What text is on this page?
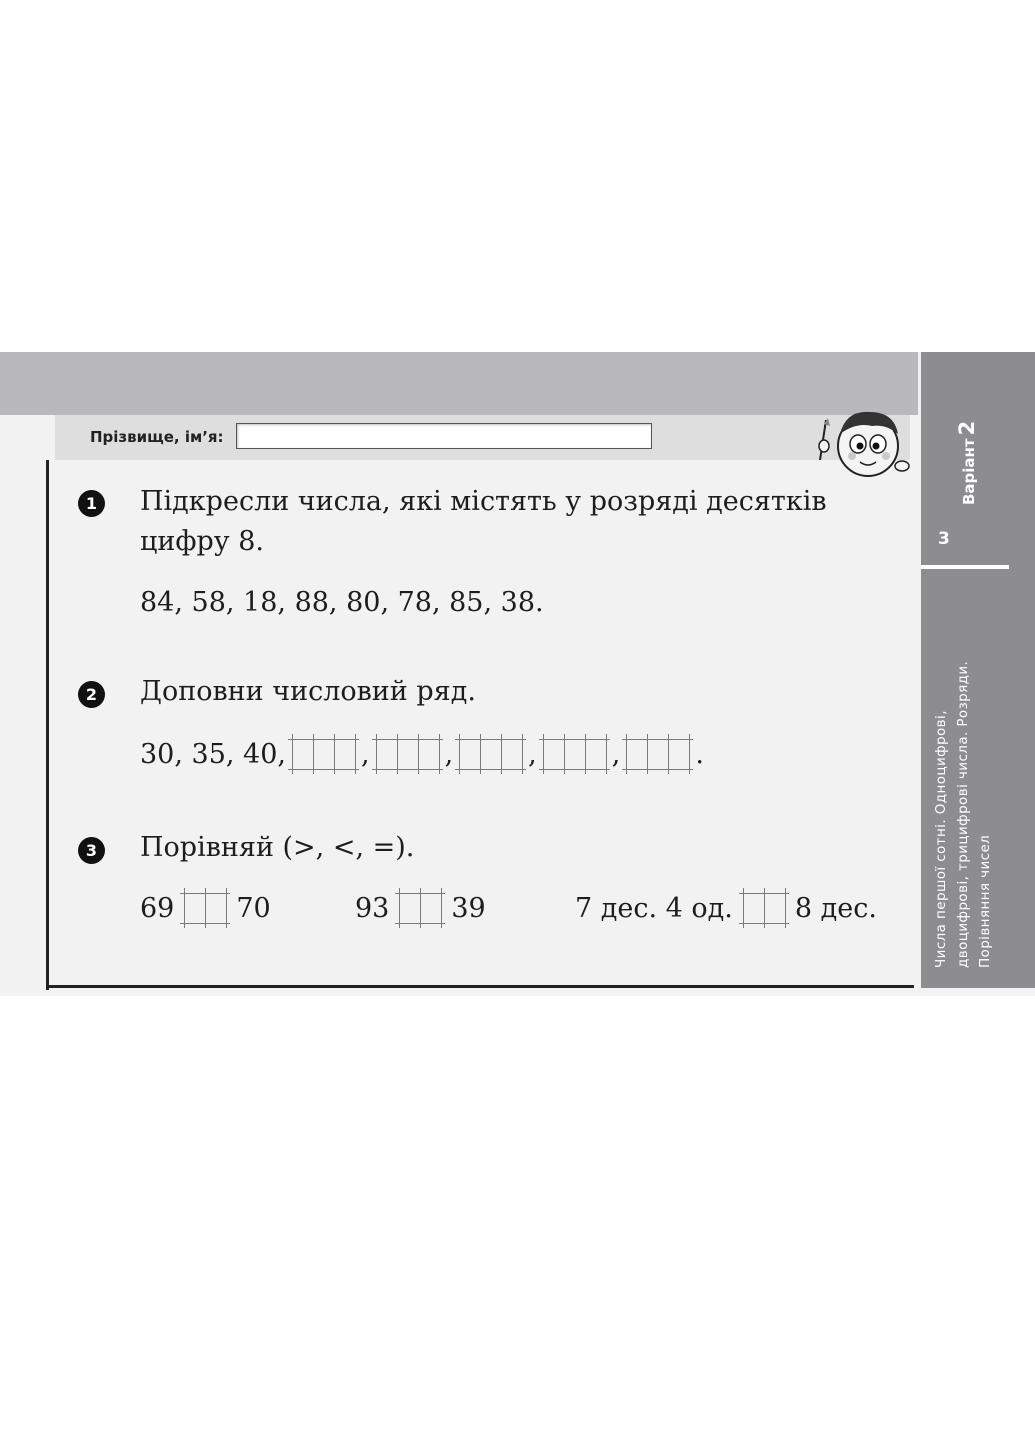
Прізвище, ім’я:
Варіант
2
3
Числа першої сотні. Одноцифрові, двоцифрові, трицифрові числа. Розряди. Порівняння чисел
1 Підкресли числа, які містять у розряді десятків
цифру 8.
84, 58, 18, 88, 80, 78, 85, 38.
2 Доповни числовий ряд.
30, 35, 40,	,	,	,	,	.
3 Порівняй (>, <, =).
69 70	93 39	7 дес. 4 од. 8 дес.
